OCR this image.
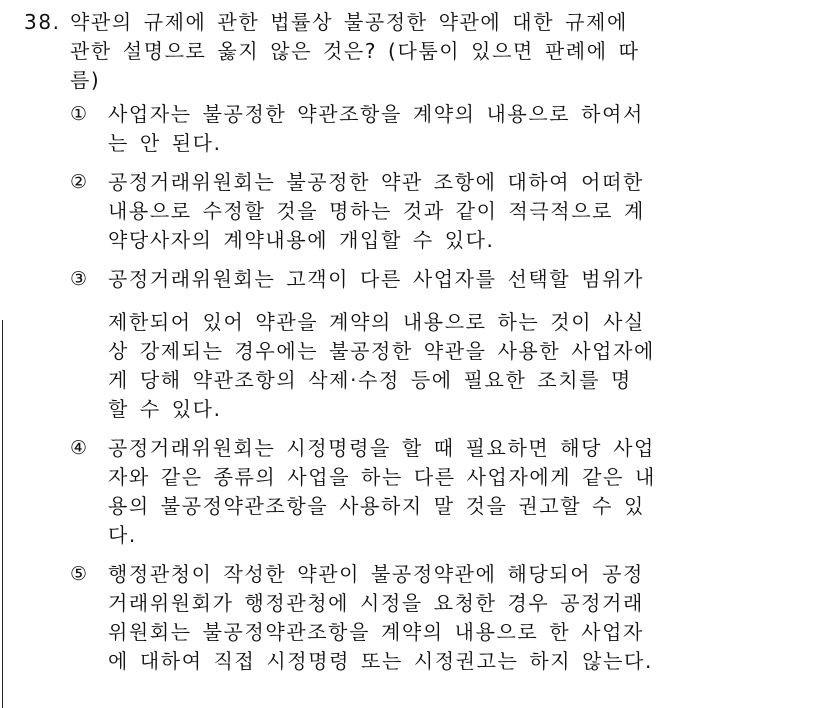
38. 약관의 규제에 관한 법률상 불공정한 약관에 대한 규제에
관한 설명으로 옳지 않은 것은? (다툼이 있으면 판례에 따
름)
① 사업자는 불공정한 약관조항을 계약의 내용으로 하여서
는 안 된다.
② 공정거래위원회는 불공정한 약관 조항에 대하여 어떠한
내용으로 수정할 것을 명하는 것과 같이 적극적으로 계
약당사자의 계약내용에 개입할 수 있다.
③ 공정거래위원회는 고객이 다른 사업자를 선택할 범위가
제한되어 있어 약관을 계약의 내용으로 하는 것이 사실
상 강제되는 경우에는 불공정한 약관을 사용한 사업자에
게 당해 약관조항의 삭제·수정 등에 필요한 조치를 명
할 수 있다.
④ 공정거래위원회는 시정명령을 할 때 필요하면 해당 사업
자와 같은 종류의 사업을 하는 다른 사업자에게 같은 내
용의 불공정약관조항을 사용하지 말 것을 권고할 수 있
다.
⑤ 행정관청이 작성한 약관이 불공정약관에 해당되어 공정
거래위원회가 행정관청에 시정을 요청한 경우 공정거래
위원회는 불공정약관조항을 계약의 내용으로 한 사업자
에 대하여 직접 시정명령 또는 시정권고는 하지 않는다.
